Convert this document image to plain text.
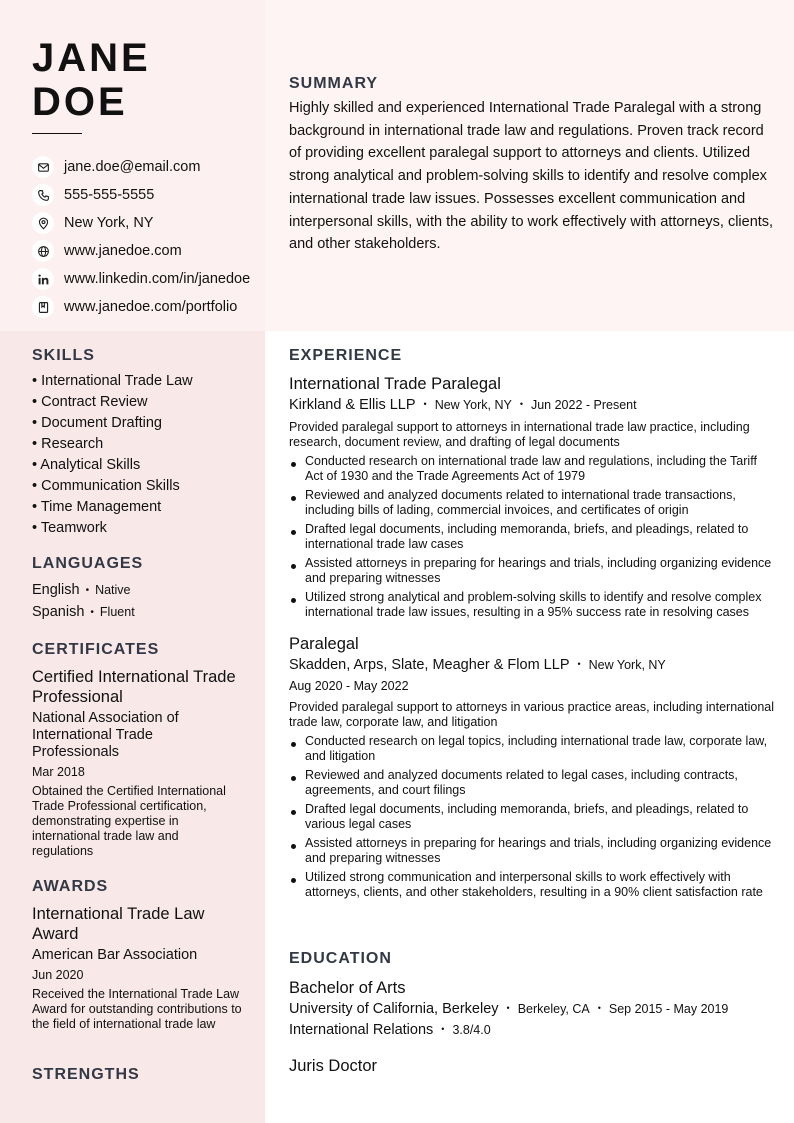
JANE
DOE
jane.doe@email.com
555-555-5555
New York, NY
www.janedoe.com
www.linkedin.com/in/janedoe
www.janedoe.com/portfolio
SUMMARY

Highly skilled and experienced International Trade Paralegal with a strong background in international trade law and regulations. Proven track record of providing excellent paralegal support to attorneys and clients. Utilized strong analytical and problem-solving skills to identify and resolve complex international trade law issues. Possesses excellent communication and interpersonal skills, with the ability to work effectively with attorneys, clients, and other stakeholders.

SKILLS
• International Trade Law
• Contract Review
• Document Drafting
• Research
• Analytical Skills
• Communication Skills
• Time Management
• Teamwork
LANGUAGES
English • Native
Spanish • Fluent
CERTIFICATES
Certified International Trade Professional
National Association of International Trade Professionals
Mar 2018
Obtained the Certified International Trade Professional certification, demonstrating expertise in international trade law and regulations
AWARDS
International Trade Law Award
American Bar Association
Jun 2020
Received the International Trade Law Award for outstanding contributions to the field of international trade law
STRENGTHS
EXPERIENCE
International Trade Paralegal
Kirkland & Ellis LLP • New York, NY • Jun 2022 - Present
Provided paralegal support to attorneys in international trade law practice, including research, document review, and drafting of legal documents
Conducted research on international trade law and regulations, including the Tariff Act of 1930 and the Trade Agreements Act of 1979
Reviewed and analyzed documents related to international trade transactions, including bills of lading, commercial invoices, and certificates of origin
Drafted legal documents, including memoranda, briefs, and pleadings, related to international trade law cases
Assisted attorneys in preparing for hearings and trials, including organizing evidence and preparing witnesses
Utilized strong analytical and problem-solving skills to identify and resolve complex international trade law issues, resulting in a 95% success rate in resolving cases
Paralegal
Skadden, Arps, Slate, Meagher & Flom LLP • New York, NY
Aug 2020 - May 2022
Provided paralegal support to attorneys in various practice areas, including international trade law, corporate law, and litigation
Conducted research on legal topics, including international trade law, corporate law, and litigation
Reviewed and analyzed documents related to legal cases, including contracts, agreements, and court filings
Drafted legal documents, including memoranda, briefs, and pleadings, related to various legal cases
Assisted attorneys in preparing for hearings and trials, including organizing evidence and preparing witnesses
Utilized strong communication and interpersonal skills to work effectively with attorneys, clients, and other stakeholders, resulting in a 90% client satisfaction rate
EDUCATION
Bachelor of Arts
University of California, Berkeley • Berkeley, CA • Sep 2015 - May 2019
International Relations • 3.8/4.0
Juris Doctor
